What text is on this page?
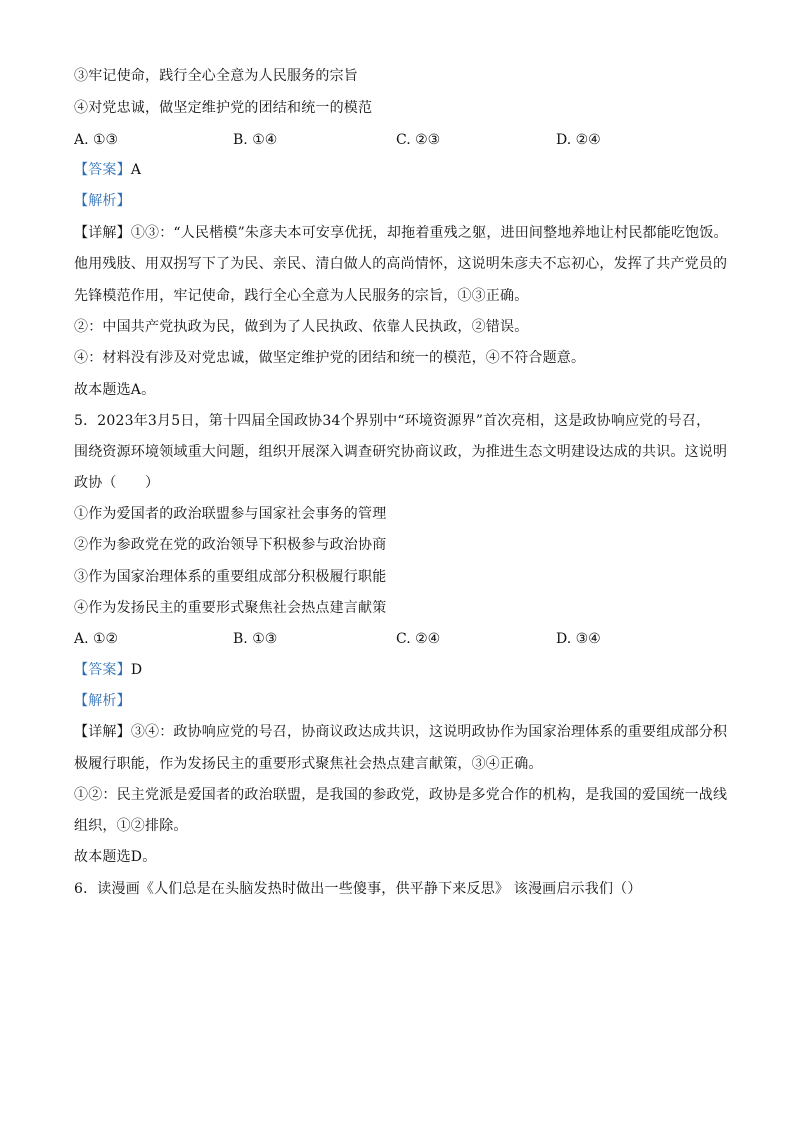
③牢记使命，践行全心全意为人民服务的宗旨
④对党忠诚，做坚定维护党的团结和统一的模范
A. ①③	B. ①④	C. ②③	D. ②④
【答案】A
【解析】
【详解】①③：“人民楷模”朱彦夫本可安享优抚，却拖着重残之躯，进田间整地养地让村民都能吃饱饭。
他用残肢、用双拐写下了为民、亲民、清白做人的高尚情怀，这说明朱彦夫不忘初心，发挥了共产党员的
先锋模范作用，牢记使命，践行全心全意为人民服务的宗旨，①③正确。
②：中国共产党执政为民，做到为了人民执政、依靠人民执政，②错误。
④：材料没有涉及对党忠诚，做坚定维护党的团结和统一的模范，④不符合题意。
故本题选A。
5．2023年3月5日，第十四届全国政协34个界别中“环境资源界”首次亮相，这是政协响应党的号召，
围绕资源环境领域重大问题，组织开展深入调查研究协商议政，为推进生态文明建设达成的共识。这说明
政协（　　）
①作为爱国者的政治联盟参与国家社会事务的管理
②作为参政党在党的政治领导下积极参与政治协商
③作为国家治理体系的重要组成部分积极履行职能
④作为发扬民主的重要形式聚焦社会热点建言献策
A. ①②	B. ①③	C. ②④	D. ③④
【答案】D
【解析】
【详解】③④：政协响应党的号召，协商议政达成共识，这说明政协作为国家治理体系的重要组成部分积
极履行职能，作为发扬民主的重要形式聚焦社会热点建言献策，③④正确。
①②：民主党派是爱国者的政治联盟，是我国的参政党，政协是多党合作的机构，是我国的爱国统一战线
组织，①②排除。
故本题选D。
6．读漫画《人们总是在头脑发热时做出一些傻事，供平静下来反思》 该漫画启示我们（）
